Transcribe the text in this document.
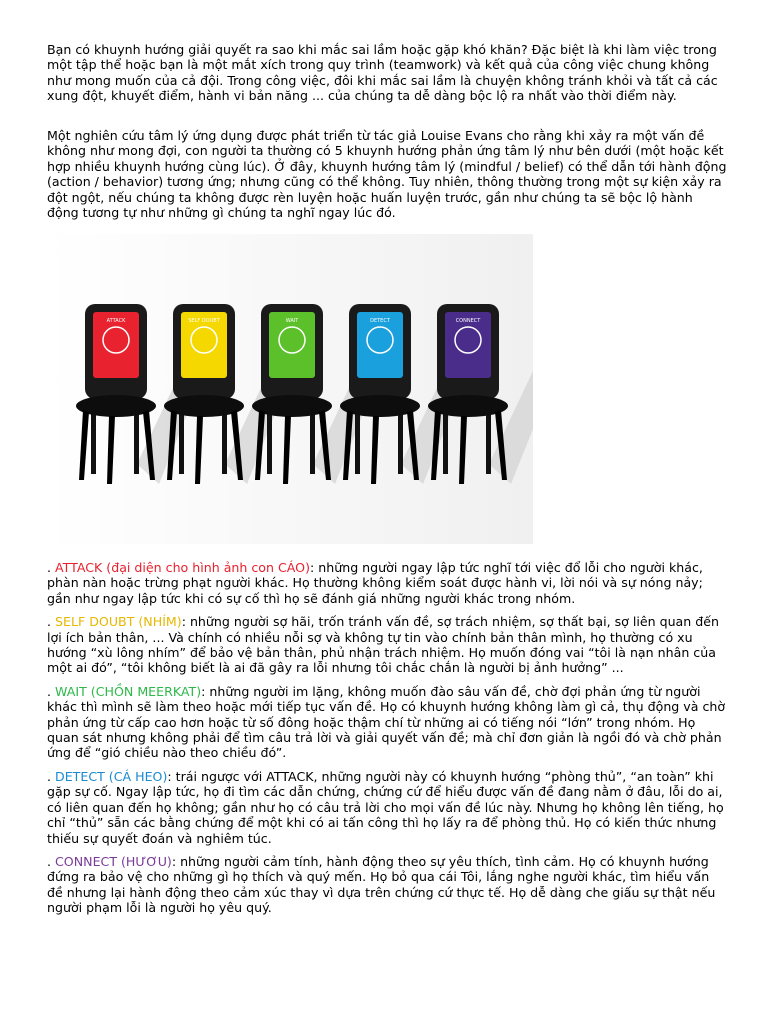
Bạn có khuynh hướng giải quyết ra sao khi mắc sai lầm hoặc gặp khó khăn? Đặc biệt là khi làm việc trong một tập thể hoặc bạn là một mắt xích trong quy trình (teamwork) và kết quả của công việc chung không như mong muốn của cả đội. Trong công việc, đôi khi mắc sai lầm là chuyện không tránh khỏi và tất cả các xung đột, khuyết điểm, hành vi bản năng ... của chúng ta dễ dàng bộc lộ ra nhất vào thời điểm này.

Một nghiên cứu tâm lý ứng dụng được phát triển từ tác giả Louise Evans cho rằng khi xảy ra một vấn đề không như mong đợi, con người ta thường có 5 khuynh hướng phản ứng tâm lý như bên dưới (một hoặc kết hợp nhiều khuynh hướng cùng lúc). Ở đây, khuynh hướng tâm lý (mindful / belief) có thể dẫn tới hành động (action / behavior) tương ứng; nhưng cũng có thể không. Tuy nhiên, thông thường trong một sự kiện xảy ra đột ngột, nếu chúng ta không được rèn luyện hoặc huấn luyện trước, gần như chúng ta sẽ bộc lộ hành động tương tự như những gì chúng ta nghĩ ngay lúc đó.

ATTACK	SELF DOUBT	WAIT	DETECT	CONNECT

. ATTACK (đại diện cho hình ảnh con CÁO): những người ngay lập tức nghĩ tới việc đổ lỗi cho người khác, phàn nàn hoặc trừng phạt người khác. Họ thường không kiểm soát được hành vi, lời nói và sự nóng nảy; gần như ngay lập tức khi có sự cố thì họ sẽ đánh giá những người khác trong nhóm.

. SELF DOUBT (NHÍM): những người sợ hãi, trốn tránh vấn đề, sợ trách nhiệm, sợ thất bại, sợ liên quan đến lợi ích bản thân, ... Và chính có nhiều nỗi sợ và không tự tin vào chính bản thân mình, họ thường có xu hướng “xù lông nhím” để bảo vệ bản thân, phủ nhận trách nhiệm. Họ muốn đóng vai “tôi là nạn nhân của một ai đó”, “tôi không biết là ai đã gây ra lỗi nhưng tôi chắc chắn là người bị ảnh hưởng” ...

. WAIT (CHỒN MEERKAT): những người im lặng, không muốn đào sâu vấn đề, chờ đợi phản ứng từ người khác thì mình sẽ làm theo hoặc mới tiếp tục vấn đề. Họ có khuynh hướng không làm gì cả, thụ động và chờ phản ứng từ cấp cao hơn hoặc từ số đông hoặc thậm chí từ những ai có tiếng nói “lớn” trong nhóm. Họ quan sát nhưng không phải để tìm câu trả lời và giải quyết vấn đề; mà chỉ đơn giản là ngồi đó và chờ phản ứng để “gió chiều nào theo chiều đó”.

. DETECT (CÁ HEO): trái ngược với ATTACK, những người này có khuynh hướng “phòng thủ”, “an toàn” khi gặp sự cố. Ngay lập tức, họ đi tìm các dẫn chứng, chứng cứ để hiểu được vấn đề đang nằm ở đâu, lỗi do ai, có liên quan đến họ không; gần như họ có câu trả lời cho mọi vấn đề lúc này. Nhưng họ không lên tiếng, họ chỉ “thủ” sẵn các bằng chứng để một khi có ai tấn công thì họ lấy ra để phòng thủ. Họ có kiến thức nhưng thiếu sự quyết đoán và nghiêm túc.

. CONNECT (HƯƠU): những người cảm tính, hành động theo sự yêu thích, tình cảm. Họ có khuynh hướng đứng ra bảo vệ cho những gì họ thích và quý mến. Họ bỏ qua cái Tôi, lắng nghe người khác, tìm hiểu vấn đề nhưng lại hành động theo cảm xúc thay vì dựa trên chứng cứ thực tế. Họ dễ dàng che giấu sự thật nếu người phạm lỗi là người họ yêu quý.
